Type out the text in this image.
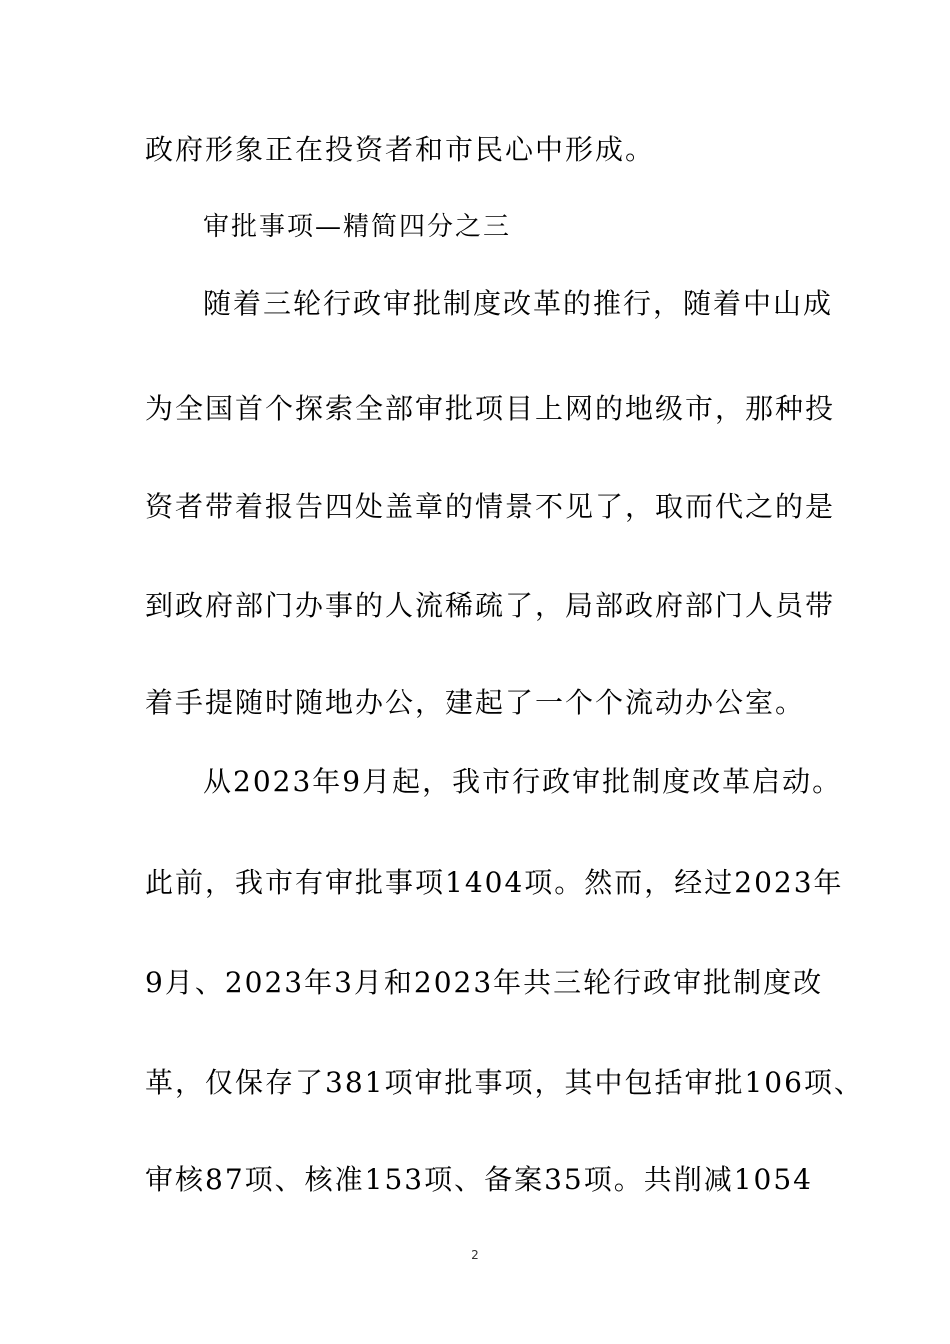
政府形象正在投资者和市民心中形成。
审批事项—精简四分之三
随着三轮行政审批制度改革的推行，随着中山成
为全国首个探索全部审批项目上网的地级市，那种投
资者带着报告四处盖章的情景不见了，取而代之的是
到政府部门办事的人流稀疏了，局部政府部门人员带
着手提随时随地办公，建起了一个个流动办公室。
从2023年9月起，我市行政审批制度改革启动。
此前，我市有审批事项1404项。然而，经过2023年
9月、2023年3月和2023年共三轮行政审批制度改
革，仅保存了381项审批事项，其中包括审批106项、
审核87项、核准153项、备案35项。共削减1054
2
